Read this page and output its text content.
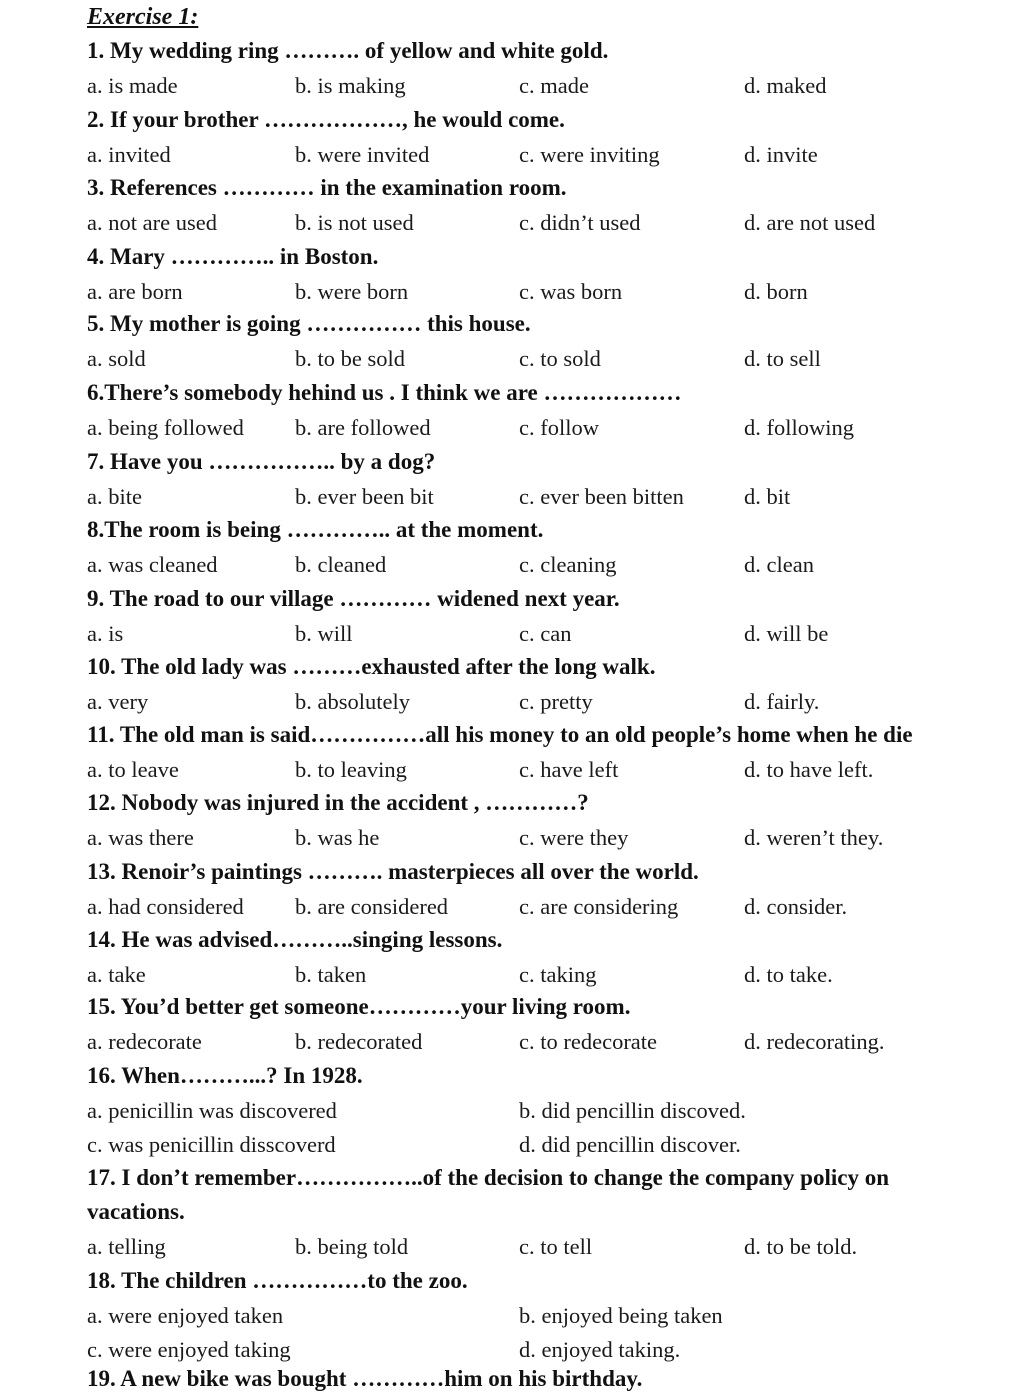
Exercise 1:
1. My wedding ring ………. of yellow and white gold.
a. is made	b. is making	c. made	d. maked
2. If your brother ………………, he would come.
a. invited	b. were invited	c. were inviting	d. invite
3. References ………… in the examination room.
a. not are used	b. is not used	c. didn’t used	d. are not used
4. Mary ………….. in Boston.
a. are born	b. were born	c. was born	d. born
5. My mother is going …………… this house.
a. sold	b. to be sold	c. to sold	d. to sell
6.There’s somebody hehind us . I think we are ………………
a. being followed b. are followed	c. follow	d. following
7. Have you …………….. by a dog?
a. bite	b. ever been bit	c. ever been bitten	d. bit
8.The room is being ………….. at the moment.
a. was cleaned	b. cleaned	c. cleaning	d. clean
9. The road to our village ………… widened next year.
a. is	b. will	c. can	d. will be
10. The old lady was ………exhausted after the long walk.
a. very	b. absolutely	c. pretty	d. fairly.
11. The old man is said……………all his money to an old people’s home when he die
a. to leave	b. to leaving	c. have left	d. to have left.
12. Nobody was injured in the accident , …………?
a. was there	b. was he	c. were they	d. weren’t they.
13. Renoir’s paintings ………. masterpieces all over the world.
a. had considered b. are considered	c. are considering	d. consider.
14. He was advised………..singing lessons.
a. take	b. taken	c. taking	d. to take.
15. You’d better get someone…………your living room.
a. redecorate	b. redecorated	c. to redecorate	d. redecorating.
16. When………...? In 1928.
a. penicillin was discovered	b. did pencillin discoved.
c. was penicillin disscoverd	d. did pencillin discover.
17. I don’t remember……………..of the decision to change the company policy on
vacations.
a. telling	b. being told	c. to tell	d. to be told.
18. The children ……………to the zoo.
a. were enjoyed taken	b. enjoyed being taken
c. were enjoyed taking	d. enjoyed taking.
19. A new bike was bought …………him on his birthday.
